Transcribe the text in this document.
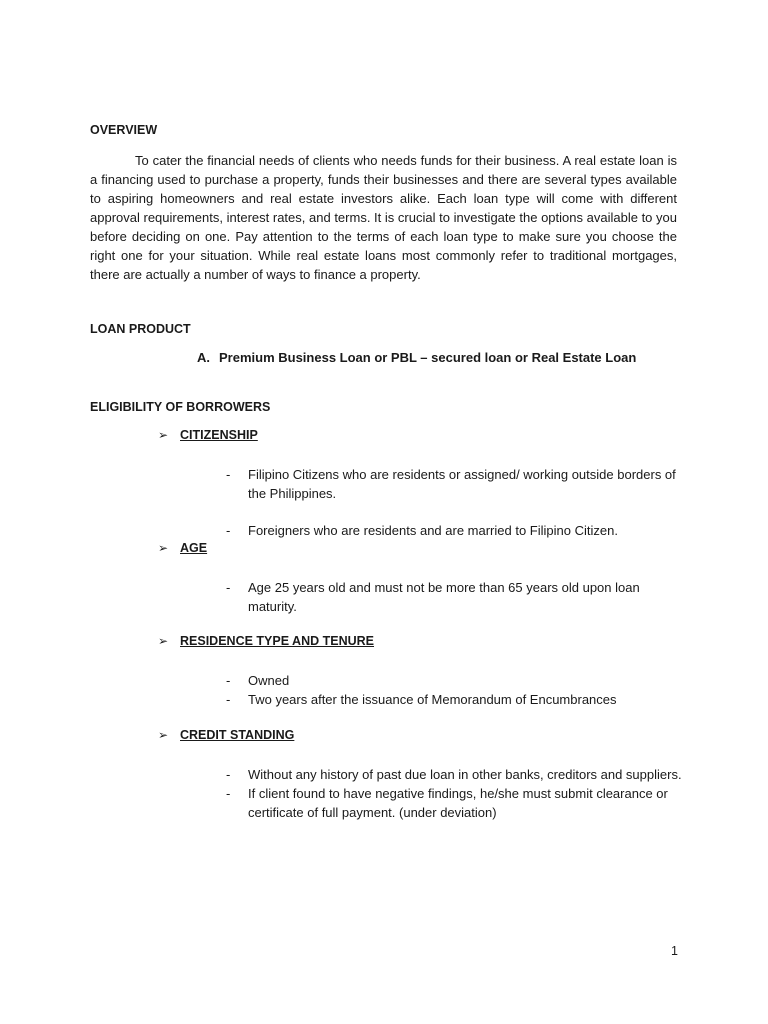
OVERVIEW

To cater the financial needs of clients who needs funds for their business. A real estate loan is a financing used to purchase a property, funds their businesses and there are several types available to aspiring homeowners and real estate investors alike. Each loan type will come with different approval requirements, interest rates, and terms. It is crucial to investigate the options available to you before deciding on one. Pay attention to the terms of each loan type to make sure you choose the right one for your situation. While real estate loans most commonly refer to traditional mortgages, there are actually a number of ways to finance a property.

LOAN PRODUCT
A. Premium Business Loan or PBL – secured loan or Real Estate Loan
ELIGIBILITY OF BORROWERS
➢ CITIZENSHIP
-	Filipino Citizens who are residents or assigned/ working outside borders of the Philippines.
-	Foreigners who are residents and are married to Filipino Citizen.
➢ AGE
-	Age 25 years old and must not be more than 65 years old upon loan maturity.
➢ RESIDENCE TYPE AND TENURE
-	Owned
-	Two years after the issuance of Memorandum of Encumbrances
➢ CREDIT STANDING
-	Without any history of past due loan in other banks, creditors and suppliers.
-	If client found to have negative findings, he/she must submit clearance or certificate of full payment. (under deviation)
1
